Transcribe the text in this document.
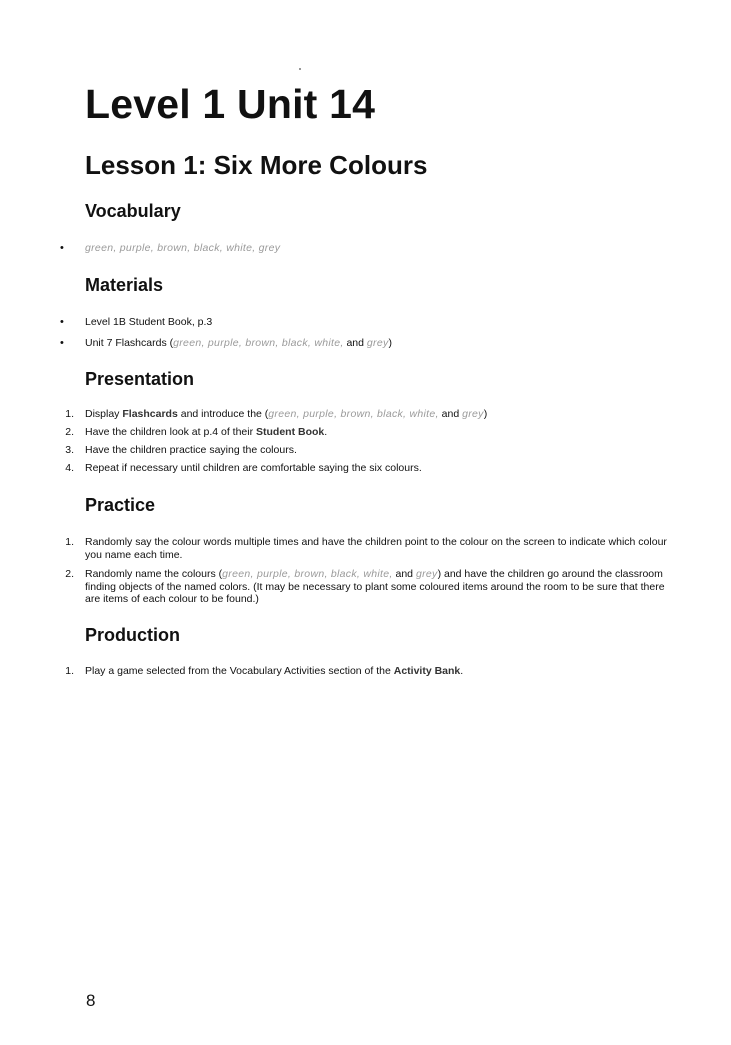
Level 1 Unit 14
Lesson 1: Six More Colours
Vocabulary
• green, purple, brown, black, white, grey
Materials
• Level 1B Student Book, p.3
• Unit 7 Flashcards (green, purple, brown, black, white, and grey)
Presentation
1. Display Flashcards and introduce the (green, purple, brown, black, white, and grey)
2. Have the children look at p.4 of their Student Book.
3. Have the children practice saying the colours.
4. Repeat if necessary until children are comfortable saying the six colours.
Practice
1. Randomly say the colour words multiple times and have the children point to the colour on the screen to indicate which colour you name each time.
2. Randomly name the colours (green, purple, brown, black, white, and grey) and have the children go around the classroom finding objects of the named colors. (It may be necessary to plant some coloured items around the room to be sure that there are items of each colour to be found.)
Production
1. Play a game selected from the Vocabulary Activities section of the Activity Bank.
8
